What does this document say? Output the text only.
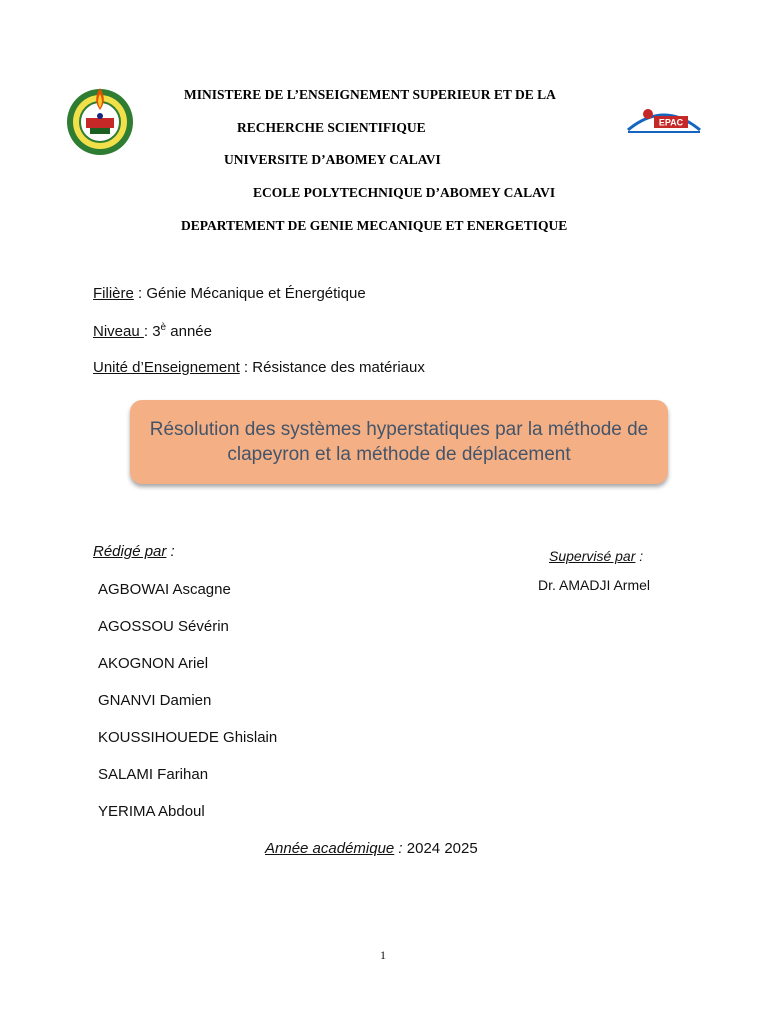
EPAC
MINISTERE DE L’ENSEIGNEMENT SUPERIEUR ET DE LA
RECHERCHE SCIENTIFIQUE
UNIVERSITE D’ABOMEY CALAVI
ECOLE POLYTECHNIQUE D’ABOMEY CALAVI
DEPARTEMENT DE GENIE MECANIQUE ET ENERGETIQUE
Filière : Génie Mécanique et Énergétique
Niveau : $3^è$ année
Unité d’Enseignement : Résistance des matériaux
Résolution des systèmes hyperstatiques par la méthode de clapeyron et la méthode de déplacement
Rédigé par :
AGBOWAI Ascagne
AGOSSOU Sévérin
AKOGNON Ariel
GNANVI Damien
KOUSSIHOUEDE Ghislain
SALAMI Farihan
YERIMA Abdoul
Supervisé par :
Dr. AMADJI Armel
Année académique : 2024 2025
1
